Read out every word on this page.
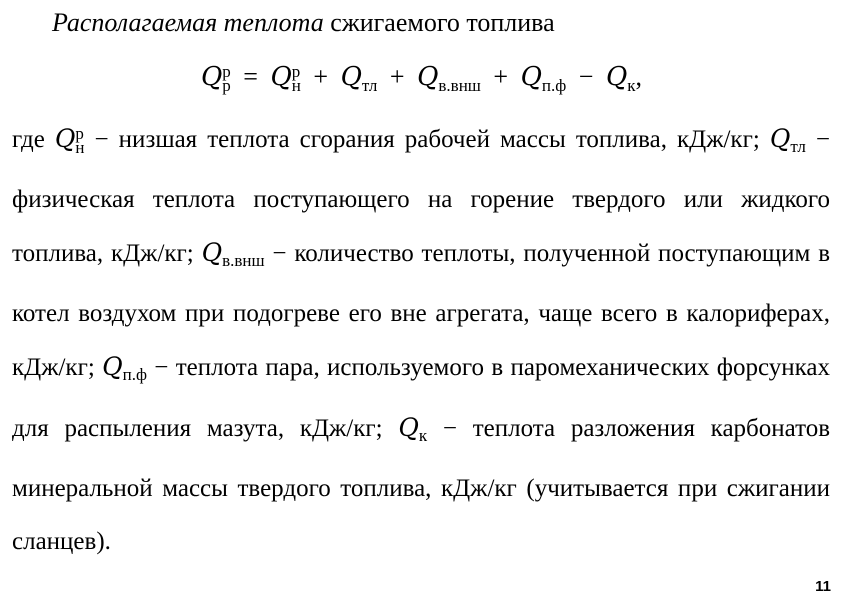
Располагаемая теплота сжигаемого топлива
Q р
р = Q р
$н + Q_{тл} + Q_{в.внш} + Q_{п.ф} - Q_к$,
где Q р
н − низшая теплота сгорания рабочей массы топлива, кДж/кг; $Q_{тл}$ − физическая теплота поступающего на горение твердого или жидкого топлива, кДж/кг; $Q_{в.внш}$ − количество теплоты, полученной поступающим в котел воздухом при подогреве его вне агрегата, чаще всего в калориферах, кДж/кг; $Q_{п.ф}$ − теплота пара, используемого в паромеханических форсунках для распыления мазута, кДж/кг; $Q_к$ − теплота разложения карбонатов минеральной массы твердого топлива, кДж/кг (учитывается при сжигании сланцев).
11
